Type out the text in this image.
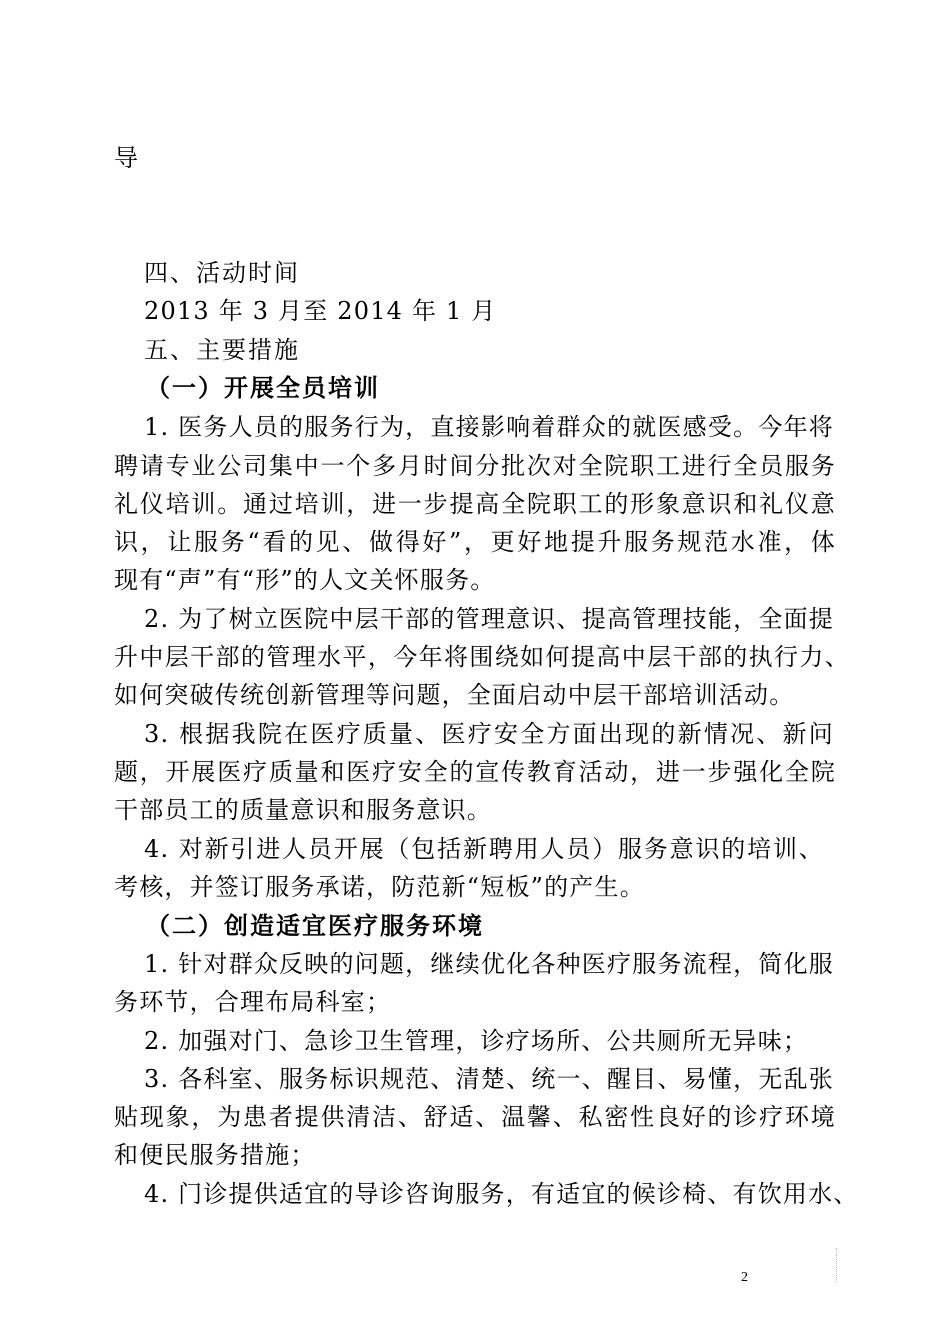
导
四、活动时间
2013 年 3 月至 2014 年 1 月
五、主要措施
（一）开展全员培训
1. 医务人员的服务行为，直接影响着群众的就医感受。今年将
聘请专业公司集中一个多月时间分批次对全院职工进行全员服务
礼仪培训。通过培训，进一步提高全院职工的形象意识和礼仪意
识，让服务“看的见、做得好”，更好地提升服务规范水准，体
现有“声”有“形”的人文关怀服务。
2. 为了树立医院中层干部的管理意识、提高管理技能，全面提
升中层干部的管理水平，今年将围绕如何提高中层干部的执行力、
如何突破传统创新管理等问题，全面启动中层干部培训活动。
3. 根据我院在医疗质量、医疗安全方面出现的新情况、新问
题，开展医疗质量和医疗安全的宣传教育活动，进一步强化全院
干部员工的质量意识和服务意识。
4. 对新引进人员开展（包括新聘用人员）服务意识的培训、
考核，并签订服务承诺，防范新“短板”的产生。
（二）创造适宜医疗服务环境
1. 针对群众反映的问题，继续优化各种医疗服务流程，简化服
务环节，合理布局科室；
2. 加强对门、急诊卫生管理，诊疗场所、公共厕所无异味；
3. 各科室、服务标识规范、清楚、统一、醒目、易懂，无乱张
贴现象，为患者提供清洁、舒适、温馨、私密性良好的诊疗环境
和便民服务措施；
4. 门诊提供适宜的导诊咨询服务，有适宜的候诊椅、有饮用水、
2
